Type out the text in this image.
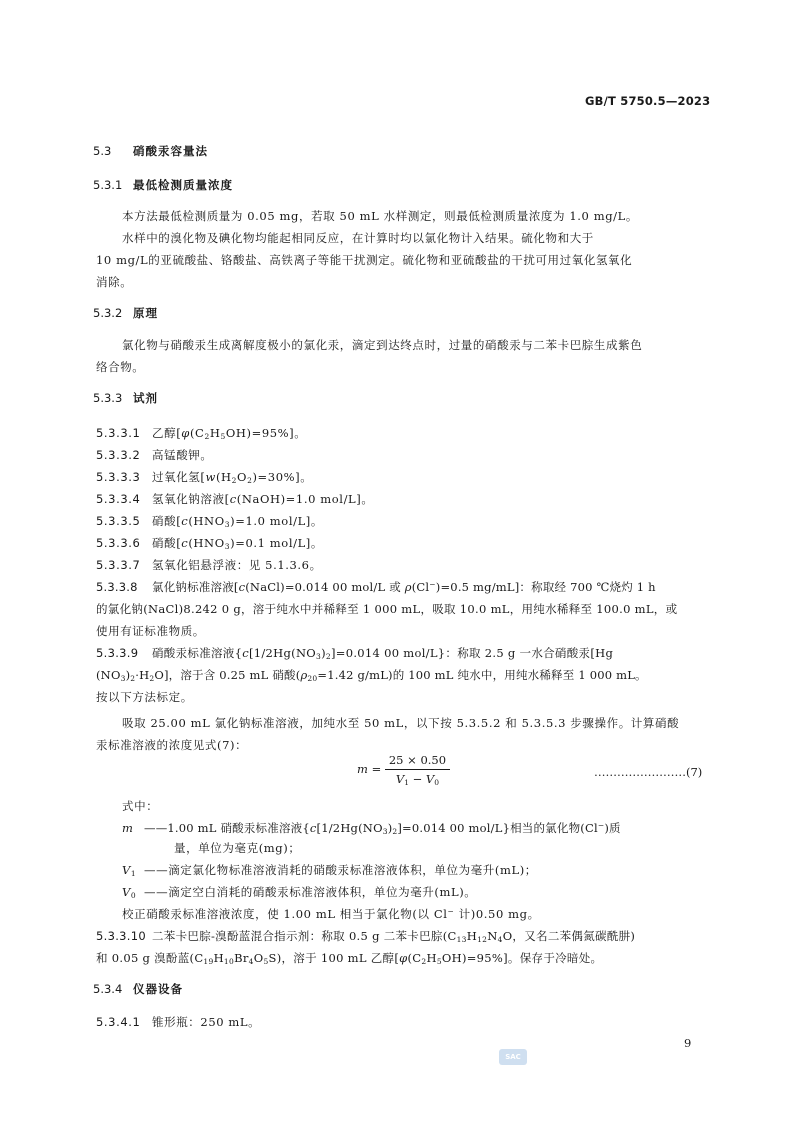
GB/T 5750.5—2023
5.3 硝酸汞容量法
5.3.1 最低检测质量浓度
本方法最低检测质量为 0.05 mg，若取 50 mL 水样测定，则最低检测质量浓度为 1.0 mg/L。
水样中的溴化物及碘化物均能起相同反应，在计算时均以氯化物计入结果。硫化物和大于
10 mg/L的亚硫酸盐、铬酸盐、高铁离子等能干扰测定。硫化物和亚硫酸盐的干扰可用过氧化氢氧化
消除。
5.3.2 原理
氯化物与硝酸汞生成离解度极小的氯化汞，滴定到达终点时，过量的硝酸汞与二苯卡巴腙生成紫色
络合物。
5.3.3 试剂
5.3.3.1 乙醇$[\varphi(C_2H_5OH)=95\%]$。
5.3.3.2 高锰酸钾。
5.3.3.3 过氧化氢$[w(H_2O_2)=30\%]$。
5.3.3.4 氢氧化钠溶液[c(NaOH)=1.0 mol/L]。
5.3.3.5 硝酸[$c(HNO_3)=1.0$ mol/L]。
5.3.3.6 硝酸[$c(HNO_3)=0.1$ mol/L]。
5.3.3.7 氢氧化铝悬浮液：见 5.1.3.6。
5.3.3.8 氯化钠标准溶液[c(NaCl)=0.014 00 mol/L 或 ρ(Cl−)=0.5 mg/mL]：称取经 700 ℃烧灼 1 h
的氯化钠(NaCl)8.242 0 g，溶于纯水中并稀释至 1 000 mL，吸取 10.0 mL，用纯水稀释至 100.0 mL，或
使用有证标准物质。
5.3.3.9 硝酸汞标准溶液{$c[1/2Hg(NO_3)_2]=0.014$ 00 mol/L}：称取 2.5 g 一水合硝酸汞[Hg
$(NO_3)_2\cdot H_2O$]，溶于含 0.25 mL 硝酸($\rho_{20}=1.42$ g/mL)的 100 mL 纯水中，用纯水稀释至 1 000 mL。
按以下方法标定。
吸取 25.00 mL 氯化钠标准溶液，加纯水至 50 mL，以下按 5.3.5.2 和 5.3.5.3 步骤操作。计算硝酸
汞标准溶液的浓度见式(7)：
$m = \frac{25 \times 0.50}{V_1 - V_0}$	……………………(7)
式中：
m ——1.00 mL 硝酸汞标准溶液{$c[1/2Hg(NO_3)_2]=0.014$ 00 mol/L}相当的氯化物(Cl−)质
量，单位为毫克(mg)；
$V_1$ ——滴定氯化物标准溶液消耗的硝酸汞标准溶液体积，单位为毫升(mL)；
$V_0$ ——滴定空白消耗的硝酸汞标准溶液体积，单位为毫升(mL)。
校正硝酸汞标准溶液浓度，使 1.00 mL 相当于氯化物(以 Cl− 计)0.50 mg。
5.3.3.10 二苯卡巴腙-溴酚蓝混合指示剂：称取 0.5 g 二苯卡巴腙($C_{13}H_{12}N_4O$，又名二苯偶氮碳酰肼)
和 0.05 g 溴酚蓝$(C_{19}H_{10}Br_4O_5S)$，溶于 100 mL 乙醇$[\varphi(C_2H_5OH)=95\%]$。保存于冷暗处。
5.3.4 仪器设备
5.3.4.1 锥形瓶：250 mL。
9
SAC
